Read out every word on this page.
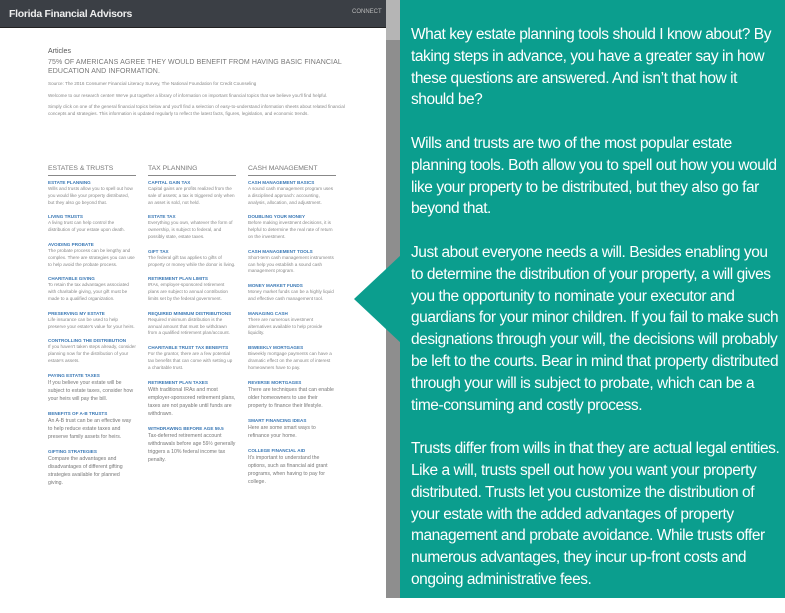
Florida Financial Advisors	CONNECT
Articles
75% OF AMERICANS AGREE THEY WOULD BENEFIT FROM HAVING BASIC FINANCIAL EDUCATION AND INFORMATION.
Source: The 2016 Consumer Financial Literacy Survey, The National Foundation for Credit Counseling
Welcome to our research center! We've put together a library of information on important financial topics that we believe you'll find helpful.
Simply click on one of the general financial topics below and you'll find a selection of easy-to-understand information sheets about related financial concepts and strategies. This information is updated regularly to reflect the latest facts, figures, legislation, and economic trends.
ESTATES & TRUSTS
ESTATE PLANNING
Wills and trusts allow you to spell out how you would like your property distributed, but they also go beyond that.
LIVING TRUSTS
A living trust can help control the distribution of your estate upon death.
AVOIDING PROBATE
The probate process can be lengthy and complex. There are strategies you can use to help avoid the probate process.
CHARITABLE GIVING
To retain the tax advantages associated with charitable giving, your gift must be made to a qualified organization.
PRESERVING MY ESTATE
Life insurance can be used to help preserve your estate's value for your heirs.
CONTROLLING THE DISTRIBUTION
If you haven't taken steps already, consider planning now for the distribution of your estate's assets.
PAYING ESTATE TAXES
If you believe your estate will be subject to estate taxes, consider how your heirs will pay the bill.
BENEFITS OF A-B TRUSTS
An A-B trust can be an effective way to help reduce estate taxes and preserve family assets for heirs.
GIFTING STRATEGIES
Compare the advantages and disadvantages of different gifting strategies available for planned giving.
TAX PLANNING
CAPITAL GAIN TAX
Capital gains are profits realized from the sale of assets; a tax is triggered only when an asset is sold, not held.
ESTATE TAX
Everything you own, whatever the form of ownership, is subject to federal, and possibly state, estate taxes.
GIFT TAX
The federal gift tax applies to gifts of property or money while the donor is living.
RETIREMENT PLAN LIMITS
IRAs, employer-sponsored retirement plans are subject to annual contribution limits set by the federal government.
REQUIRED MINIMUM DISTRIBUTIONS
Required minimum distribution is the annual amount that must be withdrawn from a qualified retirement plan/account.
CHARITABLE TRUST TAX BENEFITS
For the grantor, there are a few potential tax benefits that can come with setting up a charitable trust.
RETIREMENT PLAN TAXES
With traditional IRAs and most employer-sponsored retirement plans, taxes are not payable until funds are withdrawn.
WITHDRAWING BEFORE AGE 59.5
Tax-deferred retirement account withdrawals before age 59½ generally triggers a 10% federal income tax penalty.
CASH MANAGEMENT
CASH MANAGEMENT BASICS
A sound cash management program uses a disciplined approach: accounting, analysis, allocation, and adjustment.
DOUBLING YOUR MONEY
Before making investment decisions, it is helpful to determine the real rate of return on the investment.
CASH MANAGEMENT TOOLS
Short-term cash management instruments can help you establish a sound cash management program.
MONEY MARKET FUNDS
Money market funds can be a highly liquid and effective cash management tool.
MANAGING CASH
There are numerous investment alternatives available to help provide liquidity.
BIWEEKLY MORTGAGES
Biweekly mortgage payments can have a dramatic effect on the amount of interest homeowners have to pay.
REVERSE MORTGAGES
There are techniques that can enable older homeowners to use their property to finance their lifestyle.
SMART FINANCING IDEAS
Here are some smart ways to refinance your home.
COLLEGE FINANCIAL AID
It's important to understand the options, such as financial aid grant programs, when having to pay for college.

What key estate planning tools should I know about? By taking steps in advance, you have a greater say in how these questions are answered. And isn’t that how it should be?

Wills and trusts are two of the most popular estate planning tools. Both allow you to spell out how you would like your property to be distributed, but they also go far beyond that.

Just about everyone needs a will. Besides enabling you to determine the distribution of your property, a will gives you the opportunity to nominate your executor and guardians for your minor children. If you fail to make such designations through your will, the decisions will probably be left to the courts. Bear in mind that property distributed through your will is subject to probate, which can be a time-consuming and costly process.

Trusts differ from wills in that they are actual legal entities. Like a will, trusts spell out how you want your property distributed. Trusts let you customize the distribution of your estate with the added advantages of property management and probate avoidance. While trusts offer numerous advantages, they incur up-front costs and ongoing administrative fees.
